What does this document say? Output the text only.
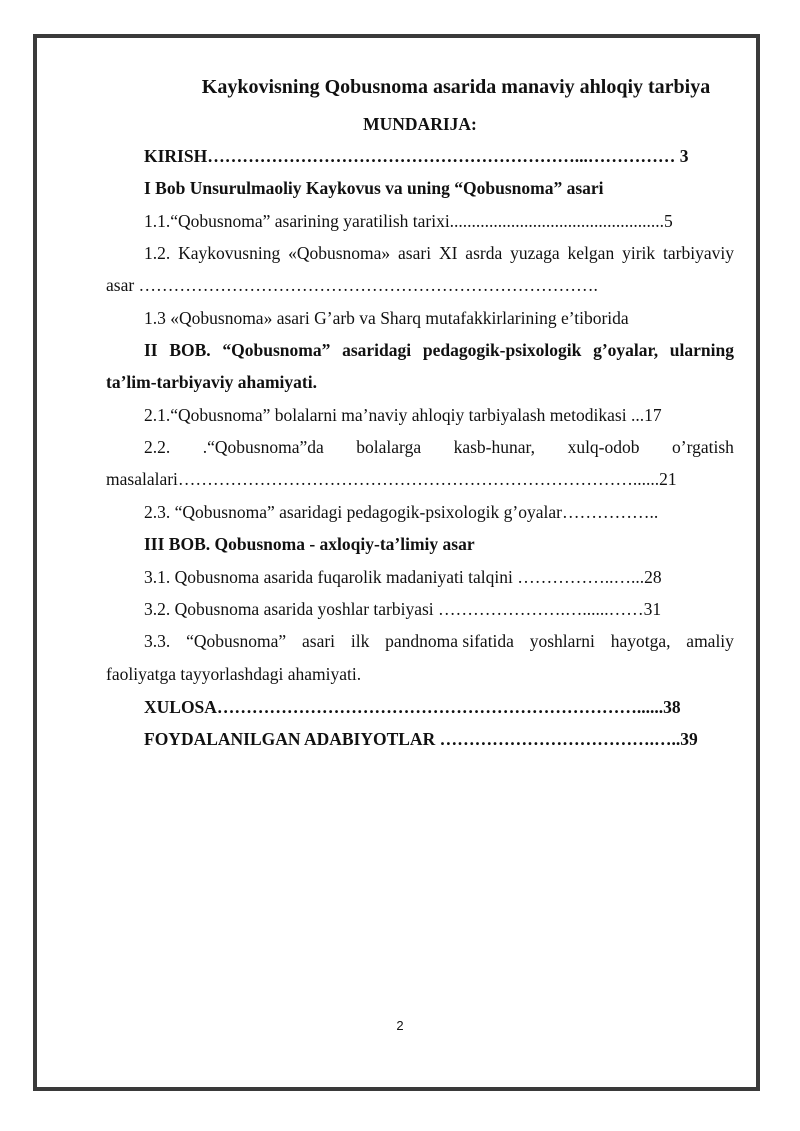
Kaykovisning Qobusnoma asarida manaviy ahloqiy tarbiya
MUNDARIJA:
KIRISH………………………………………………………...…………… 3
I Bob Unsurulmaoliy Kaykovus va uning “Qobusnoma” asari
1.1.“Qobusnoma” asarining yaratilish tarixi.................................................5
1.2. Kaykovusning «Qobusnoma» asari XI asrda yuzaga kelgan yirik tarbiyaviy
asar …………………………………………………………………….
1.3 «Qobusnoma» asari G’arb va Sharq mutafakkirlarining e’tiborida
II BOB. “Qobusnoma” asaridagi pedagogik-psixologik g’oyalar, ularning
ta’lim-tarbiyaviy ahamiyati.
2.1.“Qobusnoma” bolalarni ma’naviy ahloqiy tarbiyalash metodikasi ...17
2.2. .“Qobusnoma”da bolalarga kasb-hunar, xulq-odob o’rgatish
masalalari……………………………………………………………………......21
2.3. “Qobusnoma” asaridagi pedagogik-psixologik g’oyalar……………..
III BOB. Qobusnoma - axloqiy-ta’limiy asar
3.1. Qobusnoma asarida fuqarolik madaniyati talqini ……………..…...28
3.2. Qobusnoma asarida yoshlar tarbiyasi ………………….…......……31
3.3. “Qobusnoma” asari ilk pandnoma sifatida yoshlarni hayotga, amaliy
faoliyatga tayyorlashdagi ahamiyati.
XULOSA………………………………………………………………......38
FOYDALANILGAN ADABIYOTLAR ……………………………….…..39
2
